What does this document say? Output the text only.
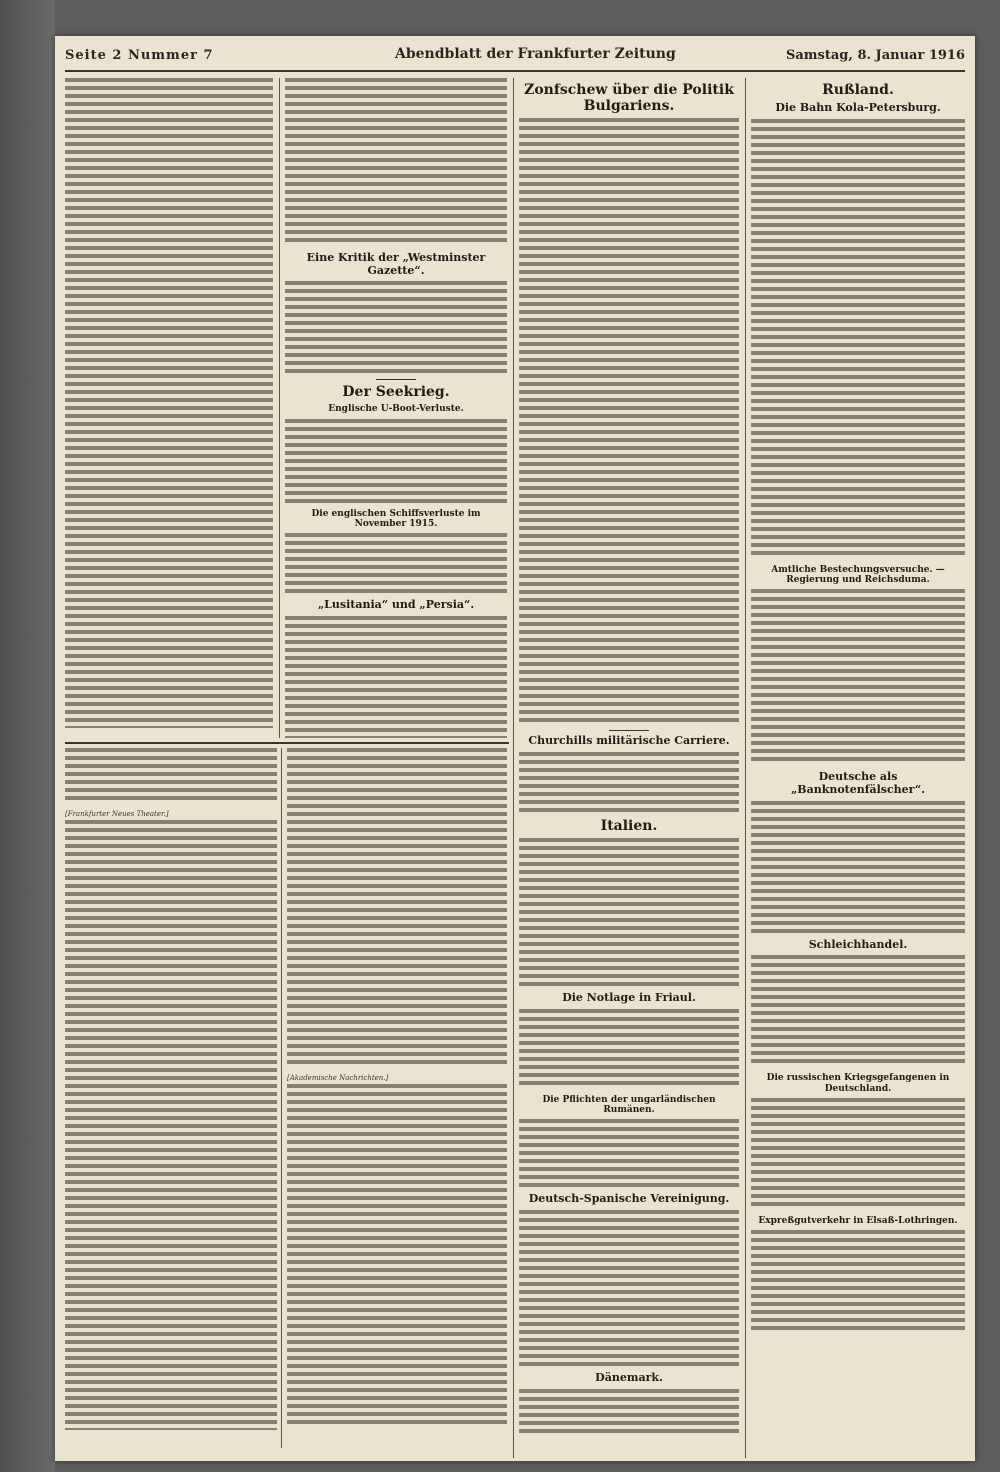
Seite 2 Nummer 7	Abendblatt der Frankfurter Zeitung	Samstag, 8. Januar 1916
Eine Kritik der „Westminster Gazette“.
Der Seekrieg.
Englische U-Boot-Verluste.
Die englischen Schiffsverluste im November 1915.
„Lusitania“ und „Persia“.
[Frankfurter Neues Theater.]
[Akademische Nachrichten.]
Zonfschew über die Politik Bulgariens.
Churchills militärische Carriere.
Italien.
Die Notlage in Friaul.
Die Pflichten der ungarländischen Rumänen.
Deutsch-Spanische Vereinigung.
Dänemark.
Rußland.
Die Bahn Kola-Petersburg.
Amtliche Bestechungsversuche. — Regierung und Reichsduma.
Deutsche als „Banknotenfälscher“.
Schleichhandel.
Die russischen Kriegsgefangenen in Deutschland.
Expreßgutverkehr in Elsaß-Lothringen.
